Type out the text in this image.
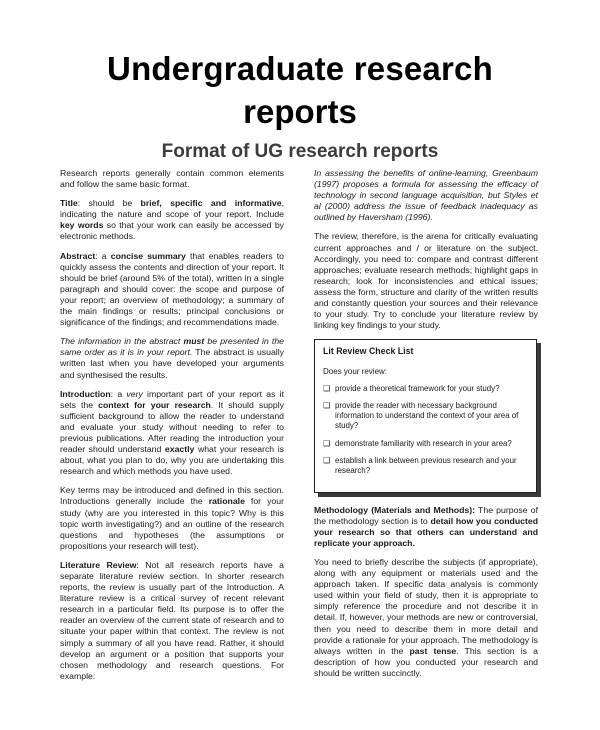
Undergraduate research
reports
Format of UG research reports

Research reports generally contain common elements and follow the same basic format.

Title: should be brief, specific and informative, indicating the nature and scope of your report. Include key words so that your work can easily be accessed by electronic methods.

Abstract: a concise summary that enables readers to quickly assess the contents and direction of your report. It should be brief (around 5% of the total), written in a single paragraph and should cover: the scope and purpose of your report; an overview of methodology; a summary of the main findings or results; principal conclusions or significance of the findings; and recommendations made.

The information in the abstract must be presented in the same order as it is in your report. The abstract is usually written last when you have developed your arguments and synthesised the results.

Introduction: a very important part of your report as it sets the context for your research. It should supply sufficient background to allow the reader to understand and evaluate your study without needing to refer to previous publications. After reading the introduction your reader should understand exactly what your research is about, what you plan to do, why you are undertaking this research and which methods you have used.

Key terms may be introduced and defined in this section. Introductions generally include the rationale for your study (why are you interested in this topic? Why is this topic worth investigating?) and an outline of the research questions and hypotheses (the assumptions or propositions your research will test).

Literature Review: Not all research reports have a separate literature review section. In shorter research reports, the review is usually part of the Introduction. A literature review is a critical survey of recent relevant research in a particular field. Its purpose is to offer the reader an overview of the current state of research and to situate your paper within that context. The review is not simply a summary of all you have read. Rather, it should develop an argument or a position that supports your chosen methodology and research questions. For example:

In assessing the benefits of online-learning, Greenbaum (1997) proposes a formula for assessing the efficacy of technology in second language acquisition, but Styles et al (2000) address the issue of feedback inadequacy as outlined by Haversham (1996).

The review, therefore, is the arena for critically evaluating current approaches and / or literature on the subject. Accordingly, you need to: compare and contrast different approaches; evaluate research methods; highlight gaps in research; look for inconsistencies and ethical issues; assess the form, structure and clarity of the written results and constantly question your sources and their relevance to your study. Try to conclude your literature review by linking key findings to your study.

Lit Review Check List
Does your review:
❏ provide a theoretical framework for your study?
❏ provide the reader with necessary background information to understand the context of your area of study?
❏ demonstrate familiarity with research in your area?
❏ establish a link between previous research and your research?

Methodology (Materials and Methods): The purpose of the methodology section is to detail how you conducted your research so that others can understand and replicate your approach.

You need to briefly describe the subjects (if appropriate), along with any equipment or materials used and the approach taken. If specific data analysis is commonly used within your field of study, then it is appropriate to simply reference the procedure and not describe it in detail. If, however, your methods are new or controversial, then you need to describe them in more detail and provide a rationale for your approach. The methodology is always written in the past tense. This section is a description of how you conducted your research and should be written succinctly.
